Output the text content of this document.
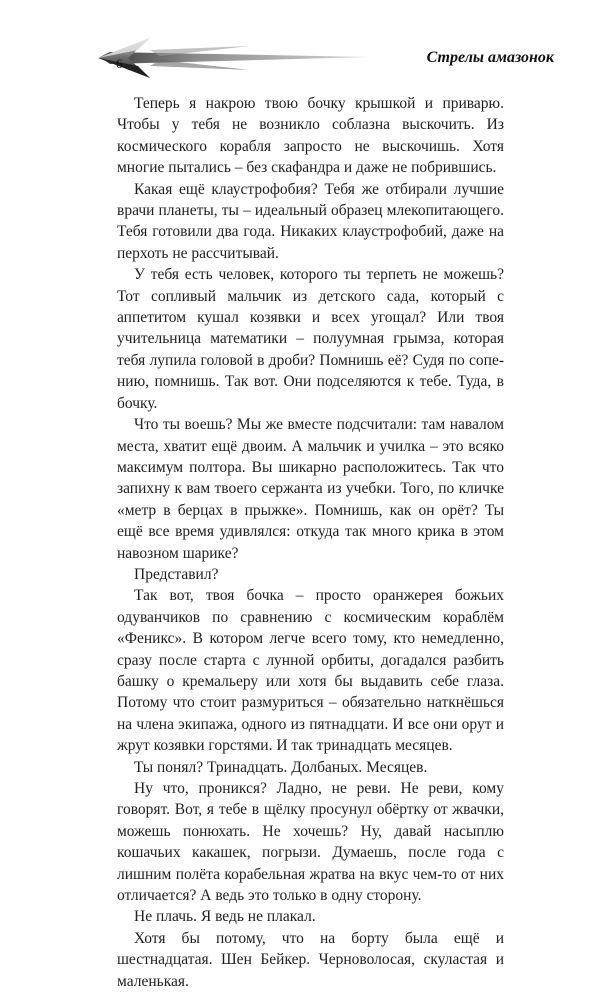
6	Стрелы амазонок

Теперь я накрою твою бочку крышкой и приварю. Чтобы у тебя не возникло соблазна выскочить. Из космического корабля запросто не выскочишь. Хотя многие пытались – без скафандра и даже не побрившись.

Какая ещё клаустрофобия? Тебя же отбирали лучшие врачи планеты, ты – идеальный образец млекопитающего. Тебя готовили два года. Никаких клаустрофобий, даже на перхоть не рассчитывай.

У тебя есть человек, которого ты терпеть не можешь? Тот сопливый мальчик из детского сада, который с аппетитом кушал козявки и всех угощал? Или твоя учительница математики – полуумная грымза, которая тебя лупила головой в дроби? Помнишь её? Судя по сопению, помнишь. Так вот. Они подселяются к тебе. Туда, в бочку.

Что ты воешь? Мы же вместе подсчитали: там навалом места, хватит ещё двоим. А мальчик и училка – это всяко максимум полтора. Вы шикарно расположитесь. Так что запихну к вам твоего сержанта из учебки. Того, по кличке «метр в берцах в прыжке». Помнишь, как он орёт? Ты ещё все время удивлялся: откуда так много крика в этом навозном шарике?

Представил?

Так вот, твоя бочка – просто оранжерея божьих одуванчиков по сравнению с космическим кораблём «Феникс». В котором легче всего тому, кто немедленно, сразу после старта с лунной орбиты, догадался разбить башку о кремальеру или хотя бы выдавить себе глаза. Потому что стоит размуриться – обязательно наткнёшься на члена экипажа, одного из пятнадцати. И все они орут и жрут козявки горстями. И так тринадцать месяцев.

Ты понял? Тринадцать. Долбаных. Месяцев.

Ну что, проникся? Ладно, не реви. Не реви, кому говорят. Вот, я тебе в щёлку просунул обёртку от жвачки, можешь понюхать. Не хочешь? Ну, давай насыплю кошачьих какашек, погрызи. Думаешь, после года с лишним полёта корабельная жратва на вкус чем-то от них отличается? А ведь это только в одну сторону.

Не плачь. Я ведь не плакал.

Хотя бы потому, что на борту была ещё и шестнадцатая. Шен Бейкер. Черноволосая, скуластая и маленькая.
